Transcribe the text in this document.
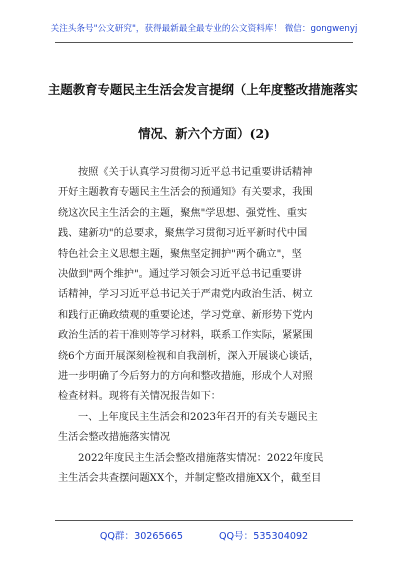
关注头条号"公文研究"，获得最新最全最专业的公文资料库！ 微信：gongwenyj
主题教育专题民主生活会发言提纲（上年度整改措施落实
情况、新六个方面）(2)

按照《关于认真学习贯彻习近平总书记重要讲话精神

开好主题教育专题民主生活会的预通知》有关要求，我围

绕这次民主生活会的主题，聚焦"学思想、强党性、重实

践、建新功"的总要求，聚焦学习贯彻习近平新时代中国

特色社会主义思想主题，聚焦坚定拥护"两个确立"，坚

决做到"两个维护"。通过学习领会习近平总书记重要讲

话精神，学习习近平总书记关于严肃党内政治生活、树立

和践行正确政绩观的重要论述，学习党章、新形势下党内

政治生活的若干准则等学习材料，联系工作实际，紧紧围

绕6个方面开展深刻检视和自我剖析，深入开展谈心谈话，

进一步明确了今后努力的方向和整改措施，形成个人对照

检查材料。现将有关情况报告如下：

一、上年度民主生活会和2023年召开的有关专题民主

生活会整改措施落实情况

2022年度民主生活会整改措施落实情况：2022年度民

主生活会共查摆问题XX个，并制定整改措施XX个，截至目

QQ群：30265665	QQ号：535304092
